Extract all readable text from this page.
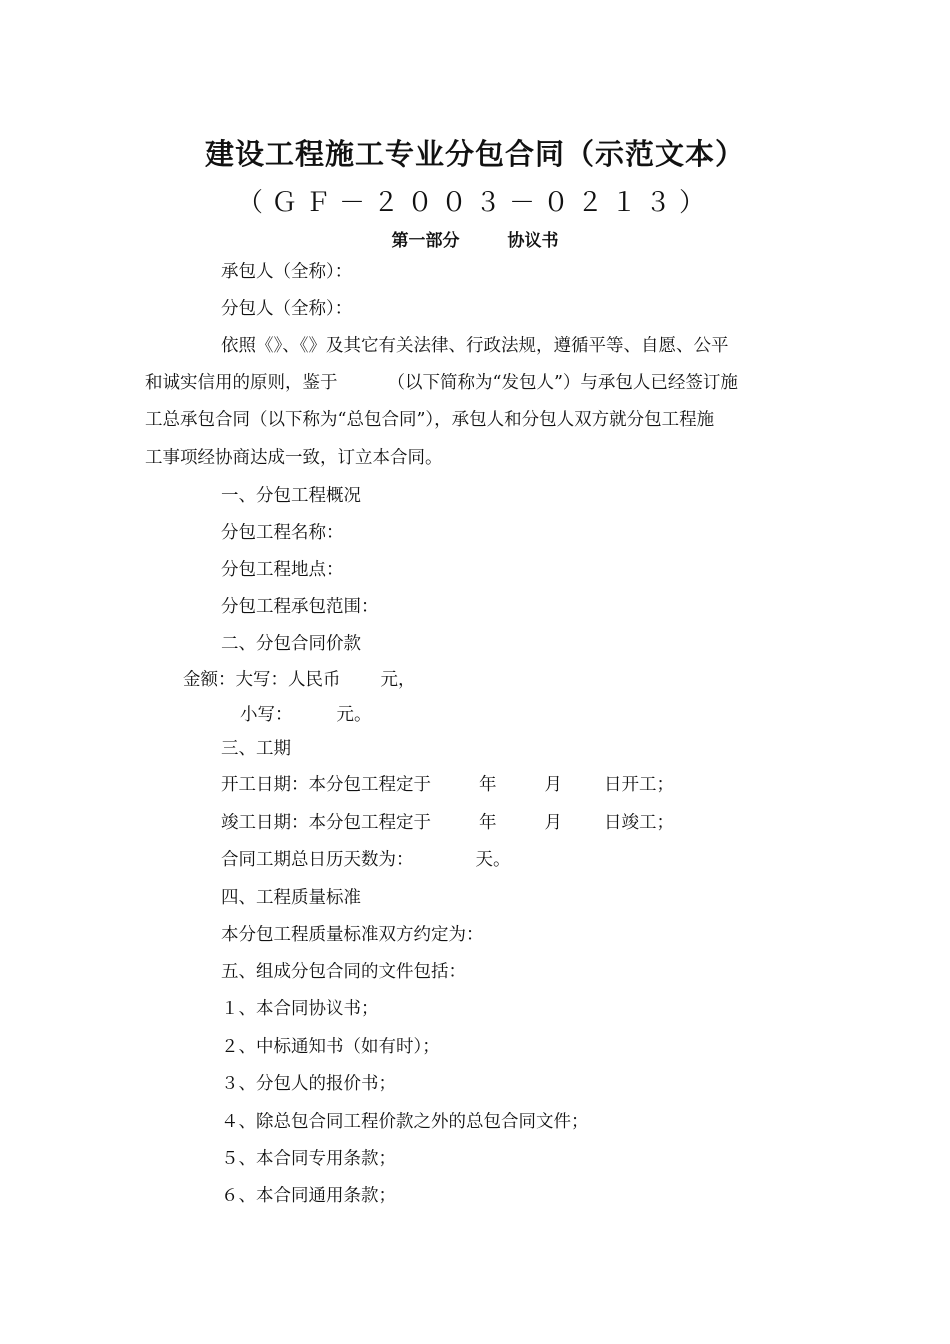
建设工程施工专业分包合同（示范文本）
（ＧＦ－２００３－０２１３）
第一部分	协议书
承包人（全称）：
分包人（全称）：
依照《》、《》及其它有关法律、行政法规，遵循平等、自愿、公平
和诚实信用的原则，鉴于	（以下简称为“发包人”）与承包人已经签订施
工总承包合同（以下称为“总包合同”），承包人和分包人双方就分包工程施
工事项经协商达成一致，订立本合同。
一、分包工程概况
分包工程名称：
分包工程地点：
分包工程承包范围：
二、分包合同价款
金额：大写：人民币 元，
小写：	元。
三、工期
开工日期：本分包工程定于	年	月 日开工；
竣工日期：本分包工程定于	年	月 日竣工；
合同工期总日历天数为：	天。
四、工程质量标准
本分包工程质量标准双方约定为：
五、组成分包合同的文件包括：
１、本合同协议书；
２、中标通知书（如有时）；
３、分包人的报价书；
４、除总包合同工程价款之外的总包合同文件；
５、本合同专用条款；
６、本合同通用条款；
